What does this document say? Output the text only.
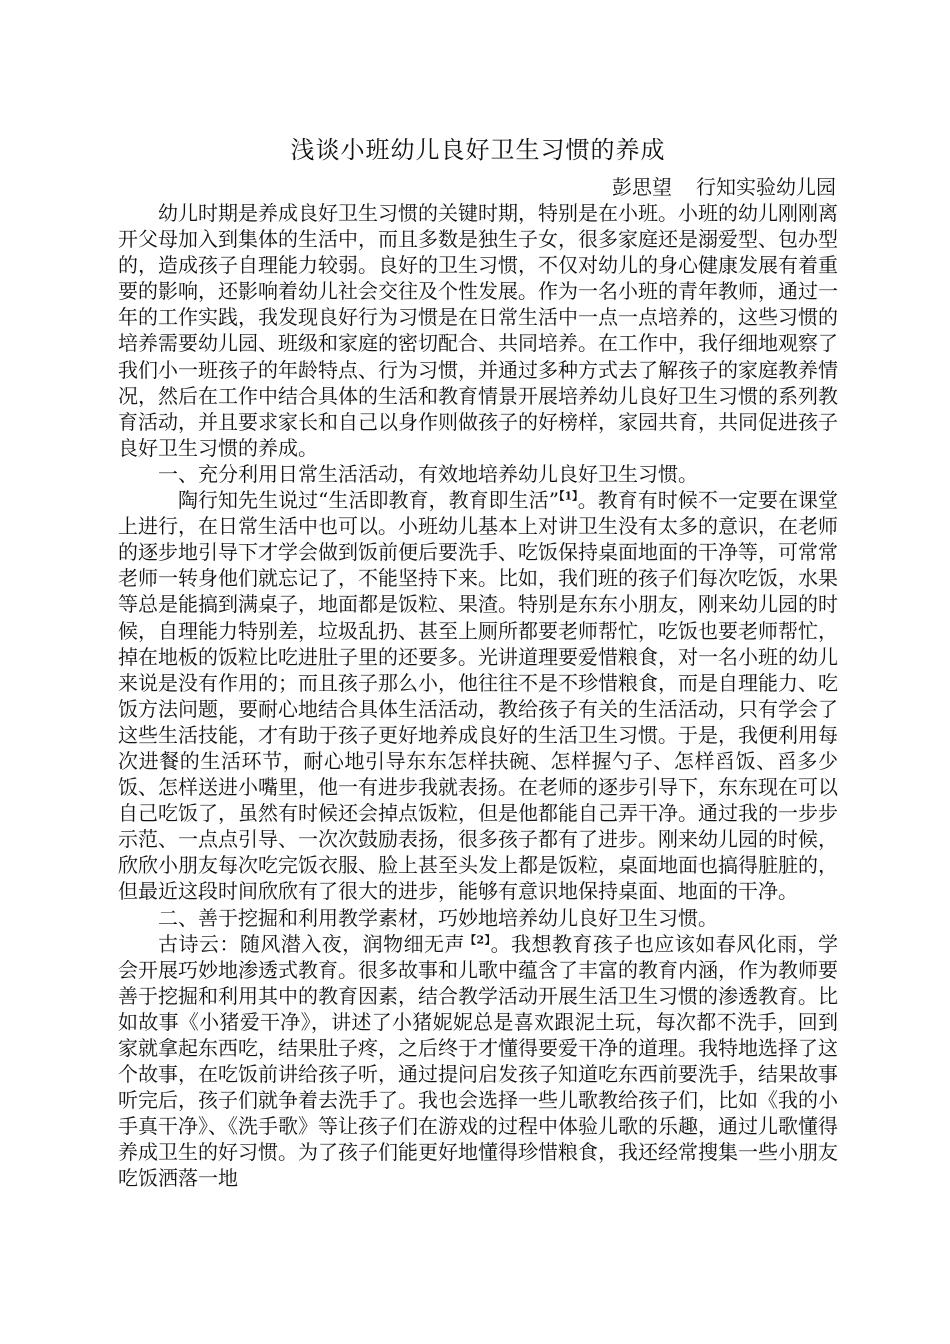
浅谈小班幼儿良好卫生习惯的养成

彭思望 行知实验幼儿园

幼儿时期是养成良好卫生习惯的关键时期，特别是在小班。小班的幼儿刚刚离开父母加入到集体的生活中，而且多数是独生子女，很多家庭还是溺爱型、包办型的，造成孩子自理能力较弱。良好的卫生习惯，不仅对幼儿的身心健康发展有着重要的影响，还影响着幼儿社会交往及个性发展。作为一名小班的青年教师，通过一年的工作实践，我发现良好行为习惯是在日常生活中一点一点培养的，这些习惯的培养需要幼儿园、班级和家庭的密切配合、共同培养。在工作中，我仔细地观察了我们小一班孩子的年龄特点、行为习惯，并通过多种方式去了解孩子的家庭教养情况，然后在工作中结合具体的生活和教育情景开展培养幼儿良好卫生习惯的系列教育活动，并且要求家长和自己以身作则做孩子的好榜样，家园共育，共同促进孩子良好卫生习惯的养成。

一、充分利用日常生活活动，有效地培养幼儿良好卫生习惯。

陶行知先生说过“生活即教育，教育即生活”$^{【1】}$。教育有时候不一定要在课堂上进行，在日常生活中也可以。小班幼儿基本上对讲卫生没有太多的意识，在老师的逐步地引导下才学会做到饭前便后要洗手、吃饭保持桌面地面的干净等，可常常老师一转身他们就忘记了，不能坚持下来。比如，我们班的孩子们每次吃饭，水果等总是能搞到满桌子，地面都是饭粒、果渣。特别是东东小朋友，刚来幼儿园的时候，自理能力特别差，垃圾乱扔、甚至上厕所都要老师帮忙，吃饭也要老师帮忙，掉在地板的饭粒比吃进肚子里的还要多。光讲道理要爱惜粮食，对一名小班的幼儿来说是没有作用的；而且孩子那么小，他往往不是不珍惜粮食，而是自理能力、吃饭方法问题，要耐心地结合具体生活活动，教给孩子有关的生活活动，只有学会了这些生活技能，才有助于孩子更好地养成良好的生活卫生习惯。于是，我便利用每次进餐的生活环节，耐心地引导东东怎样扶碗、怎样握勺子、怎样舀饭、舀多少饭、怎样送进小嘴里，他一有进步我就表扬。在老师的逐步引导下，东东现在可以自己吃饭了，虽然有时候还会掉点饭粒，但是他都能自己弄干净。通过我的一步步示范、一点点引导、一次次鼓励表扬，很多孩子都有了进步。刚来幼儿园的时候，欣欣小朋友每次吃完饭衣服、脸上甚至头发上都是饭粒，桌面地面也搞得脏脏的，但最近这段时间欣欣有了很大的进步，能够有意识地保持桌面、地面的干净。

二、善于挖掘和利用教学素材，巧妙地培养幼儿良好卫生习惯。

古诗云：随风潜入夜，润物细无声$^{【2】}$。我想教育孩子也应该如春风化雨，学会开展巧妙地渗透式教育。很多故事和儿歌中蕴含了丰富的教育内涵，作为教师要善于挖掘和利用其中的教育因素，结合教学活动开展生活卫生习惯的渗透教育。比如故事《小猪爱干净》，讲述了小猪妮妮总是喜欢跟泥土玩，每次都不洗手，回到家就拿起东西吃，结果肚子疼，之后终于才懂得要爱干净的道理。我特地选择了这个故事，在吃饭前讲给孩子听，通过提问启发孩子知道吃东西前要洗手，结果故事听完后，孩子们就争着去洗手了。我也会选择一些儿歌教给孩子们，比如《我的小手真干净》、《洗手歌》等让孩子们在游戏的过程中体验儿歌的乐趣，通过儿歌懂得养成卫生的好习惯。为了孩子们能更好地懂得珍惜粮食，我还经常搜集一些小朋友吃饭洒落一地
